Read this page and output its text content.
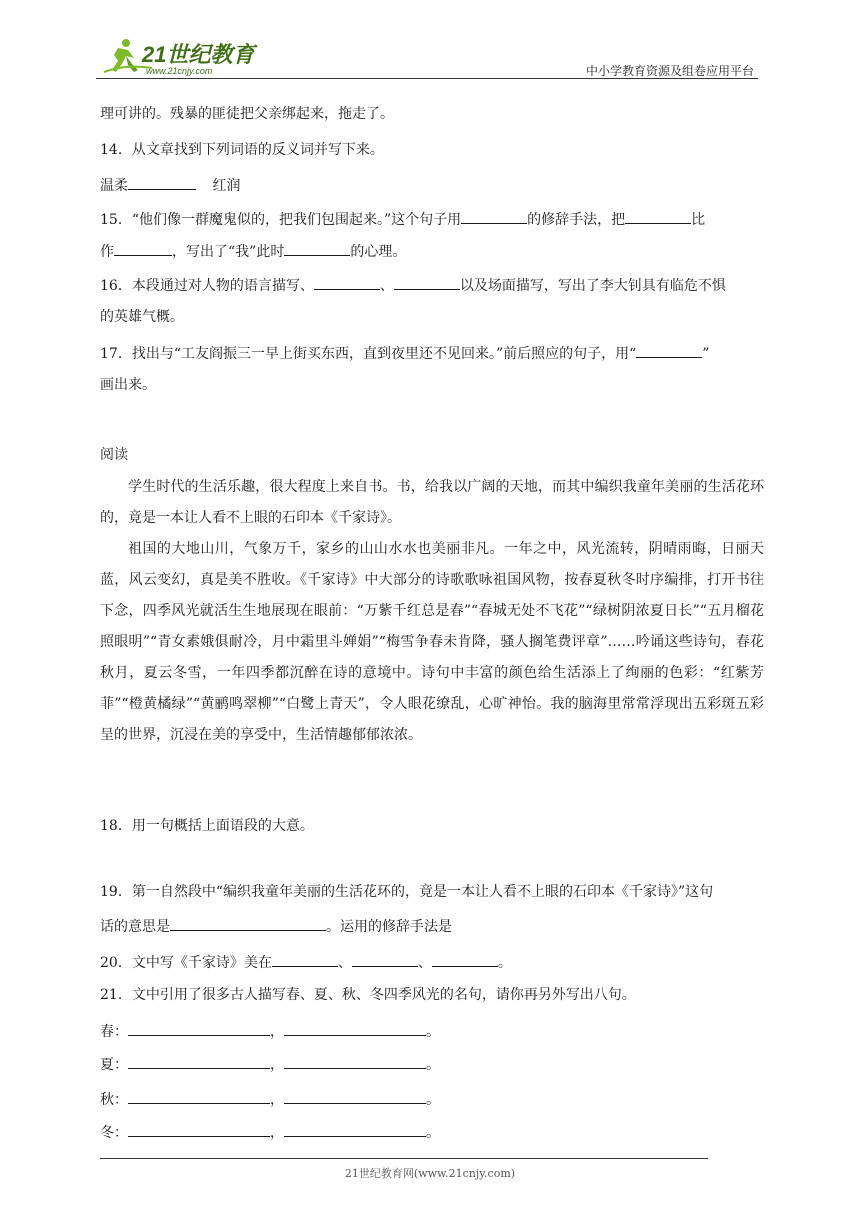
21世纪教育
www.21cnjy.com	中小学教育资源及组卷应用平台
理可讲的。残暴的匪徒把父亲绑起来，拖走了。
14．从文章找到下列词语的反义词并写下来。
温柔	红润
15．“他们像一群魔鬼似的，把我们包围起来。”这个句子用	的修辞手法，把	比
作	，写出了“我”此时	的心理。
16．本段通过对人物的语言描写、	、	以及场面描写，写出了李大钊具有临危不惧
的英雄气概。
17．找出与“工友阎振三一早上街买东西，直到夜里还不见回来。”前后照应的句子，用“	”
画出来。
阅读
学生时代的生活乐趣，很大程度上来自书。书，给我以广阔的天地，而其中编织我童年美丽的生活花环的，竟是一本让人看不上眼的石印本《千家诗》。
祖国的大地山川，气象万千，家乡的山山水水也美丽非凡。一年之中，风光流转，阴晴雨晦，日丽天蓝，风云变幻，真是美不胜收。《千家诗》中大部分的诗歌歌咏祖国风物，按春夏秋冬时序编排，打开书往下念，四季风光就活生生地展现在眼前：“万紫千红总是春”“春城无处不飞花”“绿树阴浓夏日长”“五月榴花照眼明”“青女素娥俱耐冷，月中霜里斗婵娟”“梅雪争春未肯降，骚人搁笔费评章”……吟诵这些诗句，春花秋月，夏云冬雪，一年四季都沉醉在诗的意境中。诗句中丰富的颜色给生活添上了绚丽的色彩：“红紫芳菲”“橙黄橘绿”“黄鹂鸣翠柳”“白鹭上青天”，令人眼花缭乱，心旷神怡。我的脑海里常常浮现出五彩斑五彩呈的世界，沉浸在美的享受中，生活情趣郁郁浓浓。
18．用一句概括上面语段的大意。
19．第一自然段中“编织我童年美丽的生活花环的，竟是一本让人看不上眼的石印本《千家诗》”这句
话的意思是	。运用的修辞手法是
20．文中写《千家诗》美在	、	、	。
21．文中引用了很多古人描写春、夏、秋、冬四季风光的名句，请你再另外写出八句。
春：	，	。
夏：	，	。
秋：	，	。
冬：	，	。
21世纪教育网(www.21cnjy.com)
